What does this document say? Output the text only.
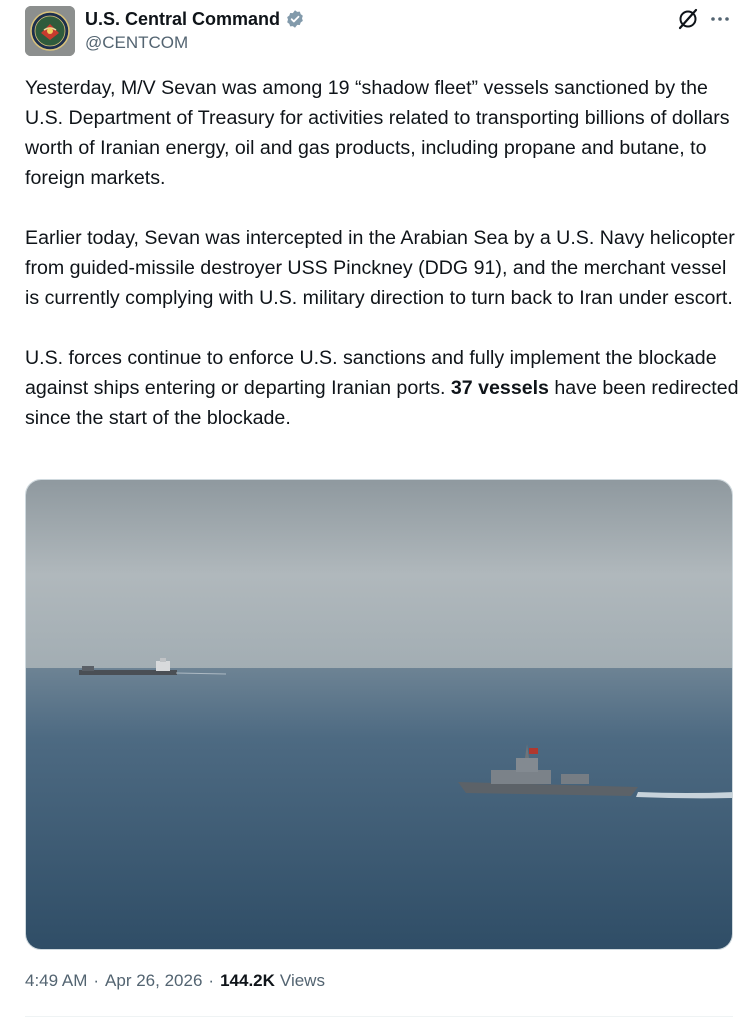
U.S. Central Command
@CENTCOM

Yesterday, M/V Sevan was among 19 “shadow fleet” vessels sanctioned by the U.S. Department of Treasury for activities related to transporting billions of dollars worth of Iranian energy, oil and gas products, including propane and butane, to foreign markets.

Earlier today, Sevan was intercepted in the Arabian Sea by a U.S. Navy helicopter from guided-missile destroyer USS Pinckney (DDG 91), and the merchant vessel is currently complying with U.S. military direction to turn back to Iran under escort.

U.S. forces continue to enforce U.S. sanctions and fully implement the blockade against ships entering or departing Iranian ports. 37 vessels have been redirected since the start of the blockade.

4:49 AM · Apr 26, 2026 · 144.2K Views
